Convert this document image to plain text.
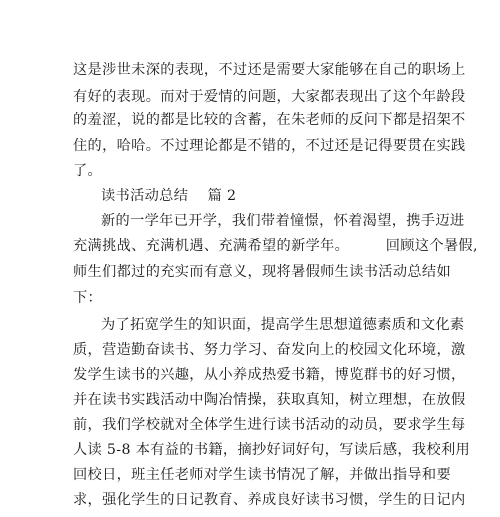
这是涉世未深的表现，不过还是需要大家能够在自己的职场上
有好的表现。而对于爱情的问题，大家都表现出了这个年龄段
的羞涩，说的都是比较的含蓄，在朱老师的反问下都是招架不
住的，哈哈。不过理论都是不错的，不过还是记得要贯在实践
了。
读书活动总结　 篇 2
新的一学年已开学，我们带着憧憬，怀着渴望，携手迈进
充满挑战、充满机遇、充满希望的新学年。　　　回顾这个暑假,
师生们都过的充实而有意义，现将暑假师生读书活动总结如
下：
为了拓宽学生的知识面，提高学生思想道德素质和文化素
质，营造勤奋读书、努力学习、奋发向上的校园文化环境，激
发学生读书的兴趣，从小养成热爱书籍，博览群书的好习惯，
并在读书实践活动中陶冶情操，获取真知，树立理想，在放假
前，我们学校就对全体学生进行读书活动的动员，要求学生每
人读 5-8 本有益的书籍，摘抄好词好句，写读后感，我校利用
回校日，班主任老师对学生读书情况了解，并做出指导和要
求，强化学生的日记教育、养成良好读书习惯，学生的日记内
